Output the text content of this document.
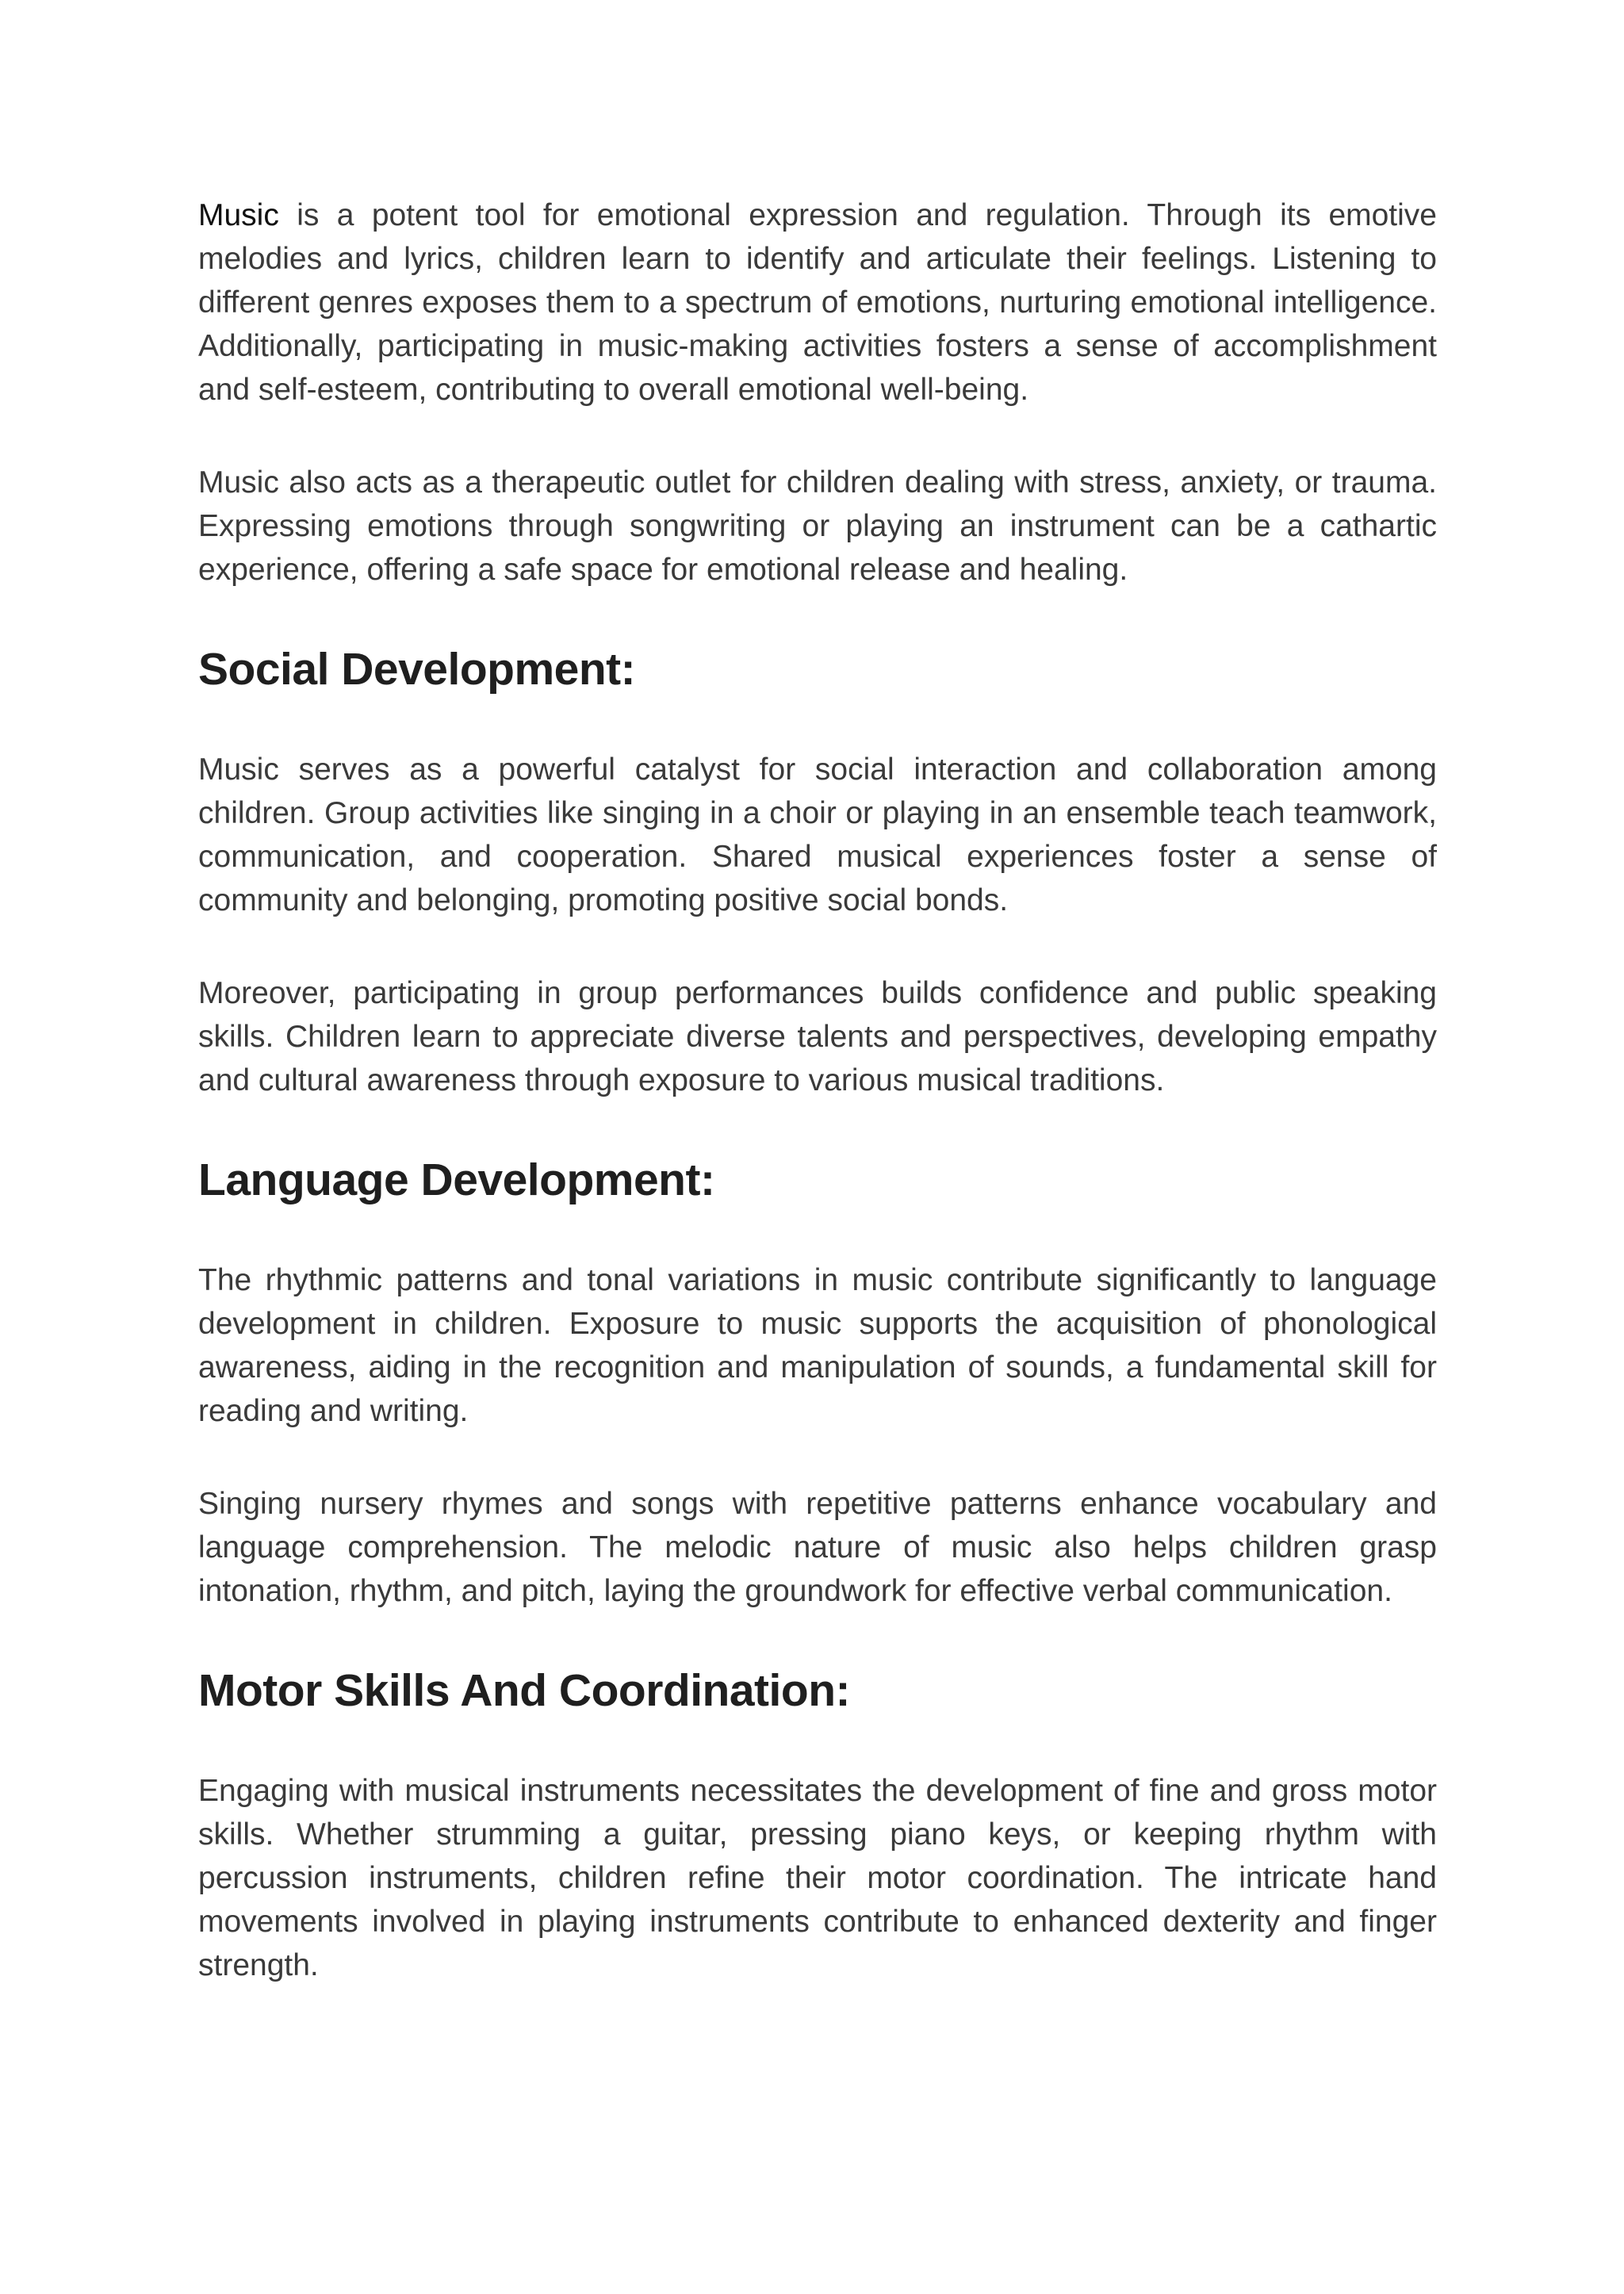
Music is a potent tool for emotional expression and regulation. Through its emotive melodies and lyrics, children learn to identify and articulate their feelings. Listening to different genres exposes them to a spectrum of emotions, nurturing emotional intelligence. Additionally, participating in music-making activities fosters a sense of accomplishment and self-esteem, contributing to overall emotional well-being.

Music also acts as a therapeutic outlet for children dealing with stress, anxiety, or trauma. Expressing emotions through songwriting or playing an instrument can be a cathartic experience, offering a safe space for emotional release and healing.

Social Development:

Music serves as a powerful catalyst for social interaction and collaboration among children. Group activities like singing in a choir or playing in an ensemble teach teamwork, communication, and cooperation. Shared musical experiences foster a sense of community and belonging, promoting positive social bonds.

Moreover, participating in group performances builds confidence and public speaking skills. Children learn to appreciate diverse talents and perspectives, developing empathy and cultural awareness through exposure to various musical traditions.

Language Development:

The rhythmic patterns and tonal variations in music contribute significantly to language development in children. Exposure to music supports the acquisition of phonological awareness, aiding in the recognition and manipulation of sounds, a fundamental skill for reading and writing.

Singing nursery rhymes and songs with repetitive patterns enhance vocabulary and language comprehension. The melodic nature of music also helps children grasp intonation, rhythm, and pitch, laying the groundwork for effective verbal communication.

Motor Skills And Coordination:

Engaging with musical instruments necessitates the development of fine and gross motor skills. Whether strumming a guitar, pressing piano keys, or keeping rhythm with percussion instruments, children refine their motor coordination. The intricate hand movements involved in playing instruments contribute to enhanced dexterity and finger strength.
